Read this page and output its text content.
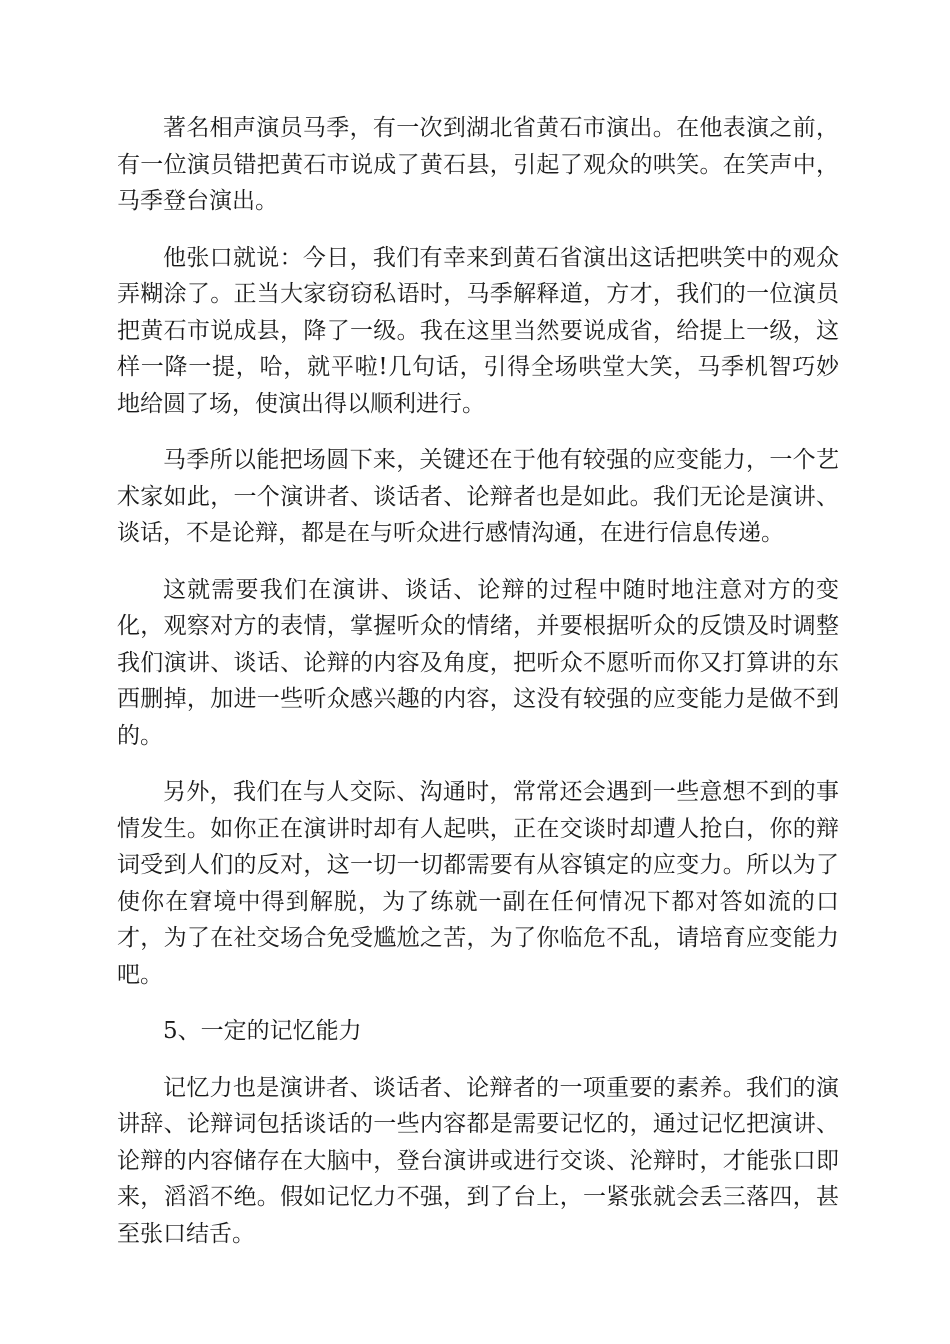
著名相声演员马季，有一次到湖北省黄石市演出。在他表演之前，有一位演员错把黄石市说成了黄石县，引起了观众的哄笑。在笑声中，马季登台演出。

他张口就说：今日，我们有幸来到黄石省演出这话把哄笑中的观众弄糊涂了。正当大家窃窃私语时，马季解释道，方才，我们的一位演员把黄石市说成县，降了一级。我在这里当然要说成省，给提上一级，这样一降一提，哈，就平啦!几句话，引得全场哄堂大笑，马季机智巧妙地给圆了场，使演出得以顺利进行。

马季所以能把场圆下来，关键还在于他有较强的应变能力，一个艺术家如此，一个演讲者、谈话者、论辩者也是如此。我们无论是演讲、谈话，不是论辩，都是在与听众进行感情沟通，在进行信息传递。

这就需要我们在演讲、谈话、论辩的过程中随时地注意对方的变化，观察对方的表情，掌握听众的情绪，并要根据听众的反馈及时调整我们演讲、谈话、论辩的内容及角度，把听众不愿听而你又打算讲的东西删掉，加进一些听众感兴趣的内容，这没有较强的应变能力是做不到的。

另外，我们在与人交际、沟通时，常常还会遇到一些意想不到的事情发生。如你正在演讲时却有人起哄，正在交谈时却遭人抢白，你的辩词受到人们的反对，这一切一切都需要有从容镇定的应变力。所以为了使你在窘境中得到解脱，为了练就一副在任何情况下都对答如流的口才，为了在社交场合免受尴尬之苦，为了你临危不乱，请培育应变能力吧。

5、一定的记忆能力

记忆力也是演讲者、谈话者、论辩者的一项重要的素养。我们的演讲辞、论辩词包括谈话的一些内容都是需要记忆的，通过记忆把演讲、论辩的内容储存在大脑中，登台演讲或进行交谈、沦辩时，才能张口即来，滔滔不绝。假如记忆力不强，到了台上，一紧张就会丢三落四，甚至张口结舌。
